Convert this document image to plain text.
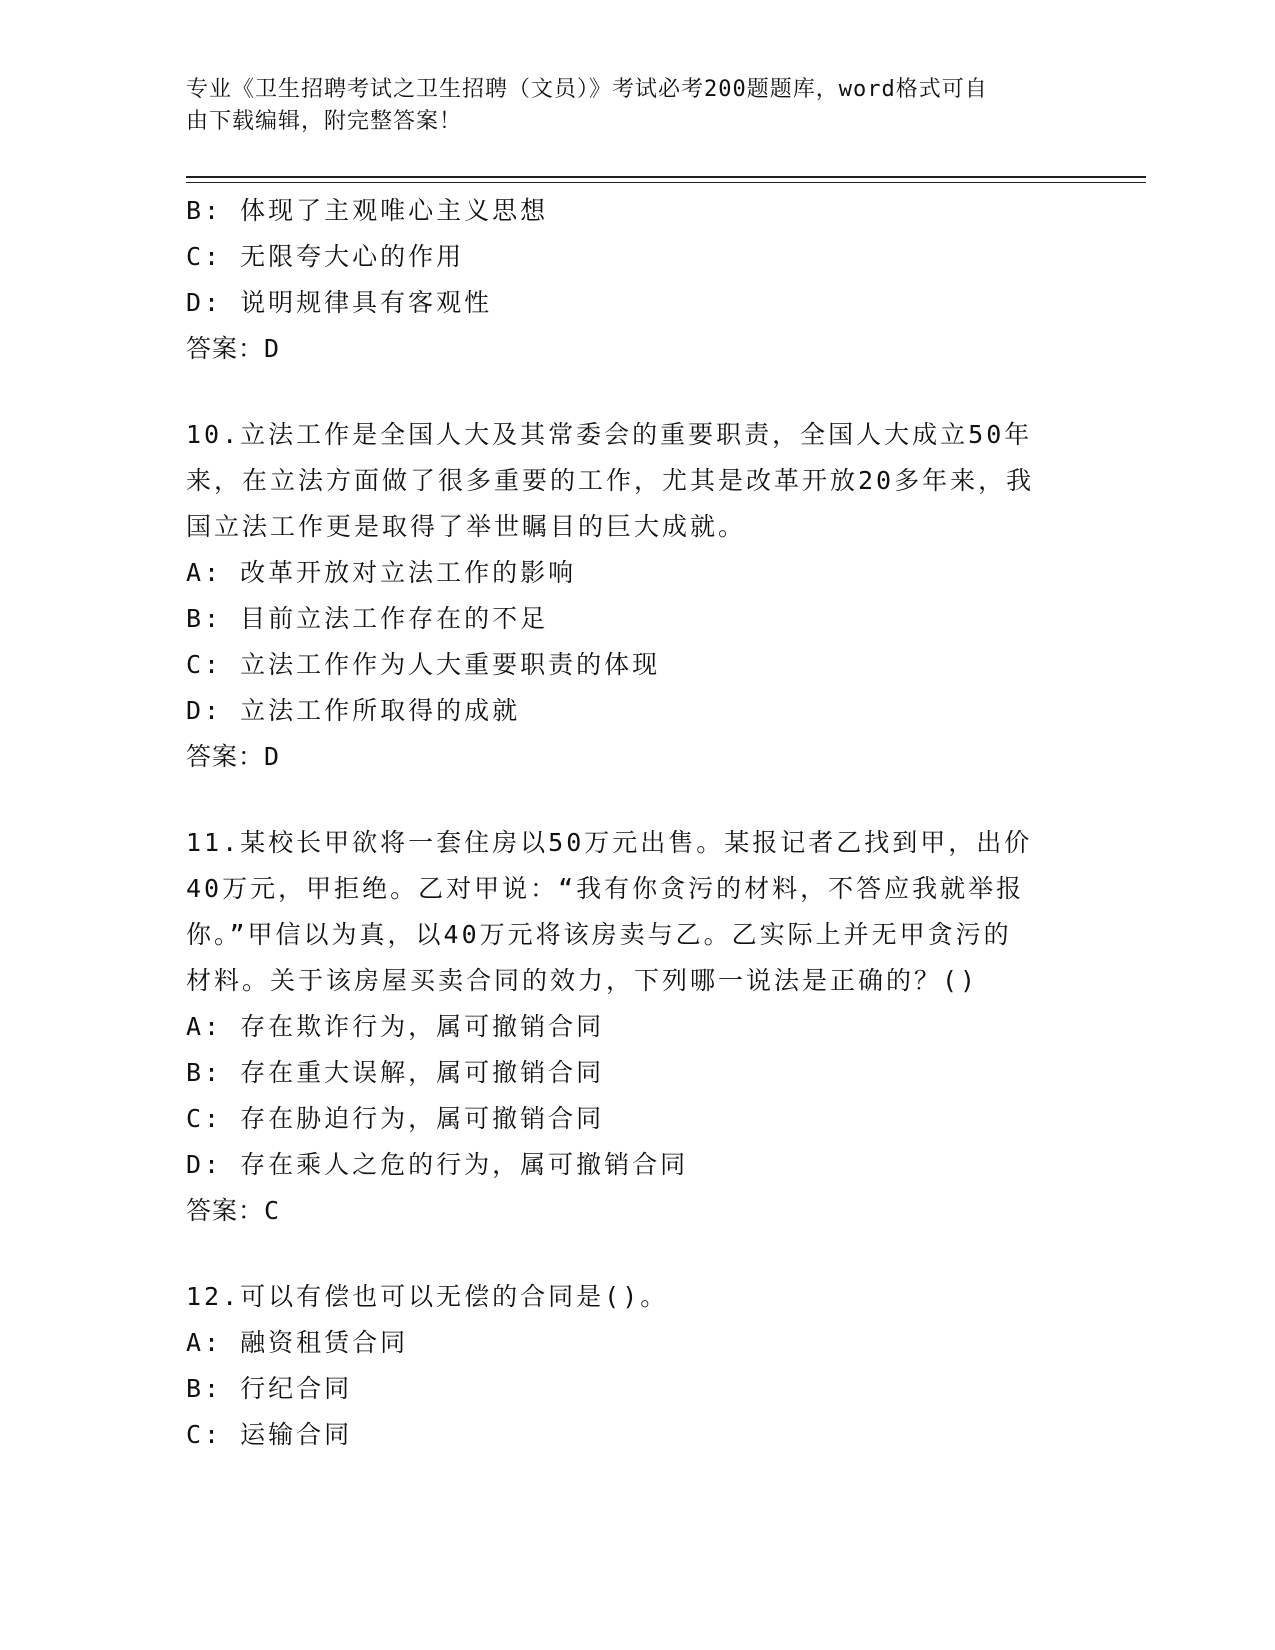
专业《卫生招聘考试之卫生招聘（文员）》考试必考200题题库，word格式可自
由下载编辑，附完整答案！
B: 体现了主观唯心主义思想
C: 无限夸大心的作用
D: 说明规律具有客观性
答案：D
10.立法工作是全国人大及其常委会的重要职责，全国人大成立50年
来，在立法方面做了很多重要的工作，尤其是改革开放20多年来，我
国立法工作更是取得了举世瞩目的巨大成就。
A: 改革开放对立法工作的影响
B: 目前立法工作存在的不足
C: 立法工作作为人大重要职责的体现
D: 立法工作所取得的成就
答案：D
11.某校长甲欲将一套住房以50万元出售。某报记者乙找到甲，出价
40万元，甲拒绝。乙对甲说：“我有你贪污的材料，不答应我就举报
你。”甲信以为真，以40万元将该房卖与乙。乙实际上并无甲贪污的
材料。关于该房屋买卖合同的效力，下列哪一说法是正确的？()
A: 存在欺诈行为，属可撤销合同
B: 存在重大误解，属可撤销合同
C: 存在胁迫行为，属可撤销合同
D: 存在乘人之危的行为，属可撤销合同
答案：C
12.可以有偿也可以无偿的合同是()。
A: 融资租赁合同
B: 行纪合同
C: 运输合同
